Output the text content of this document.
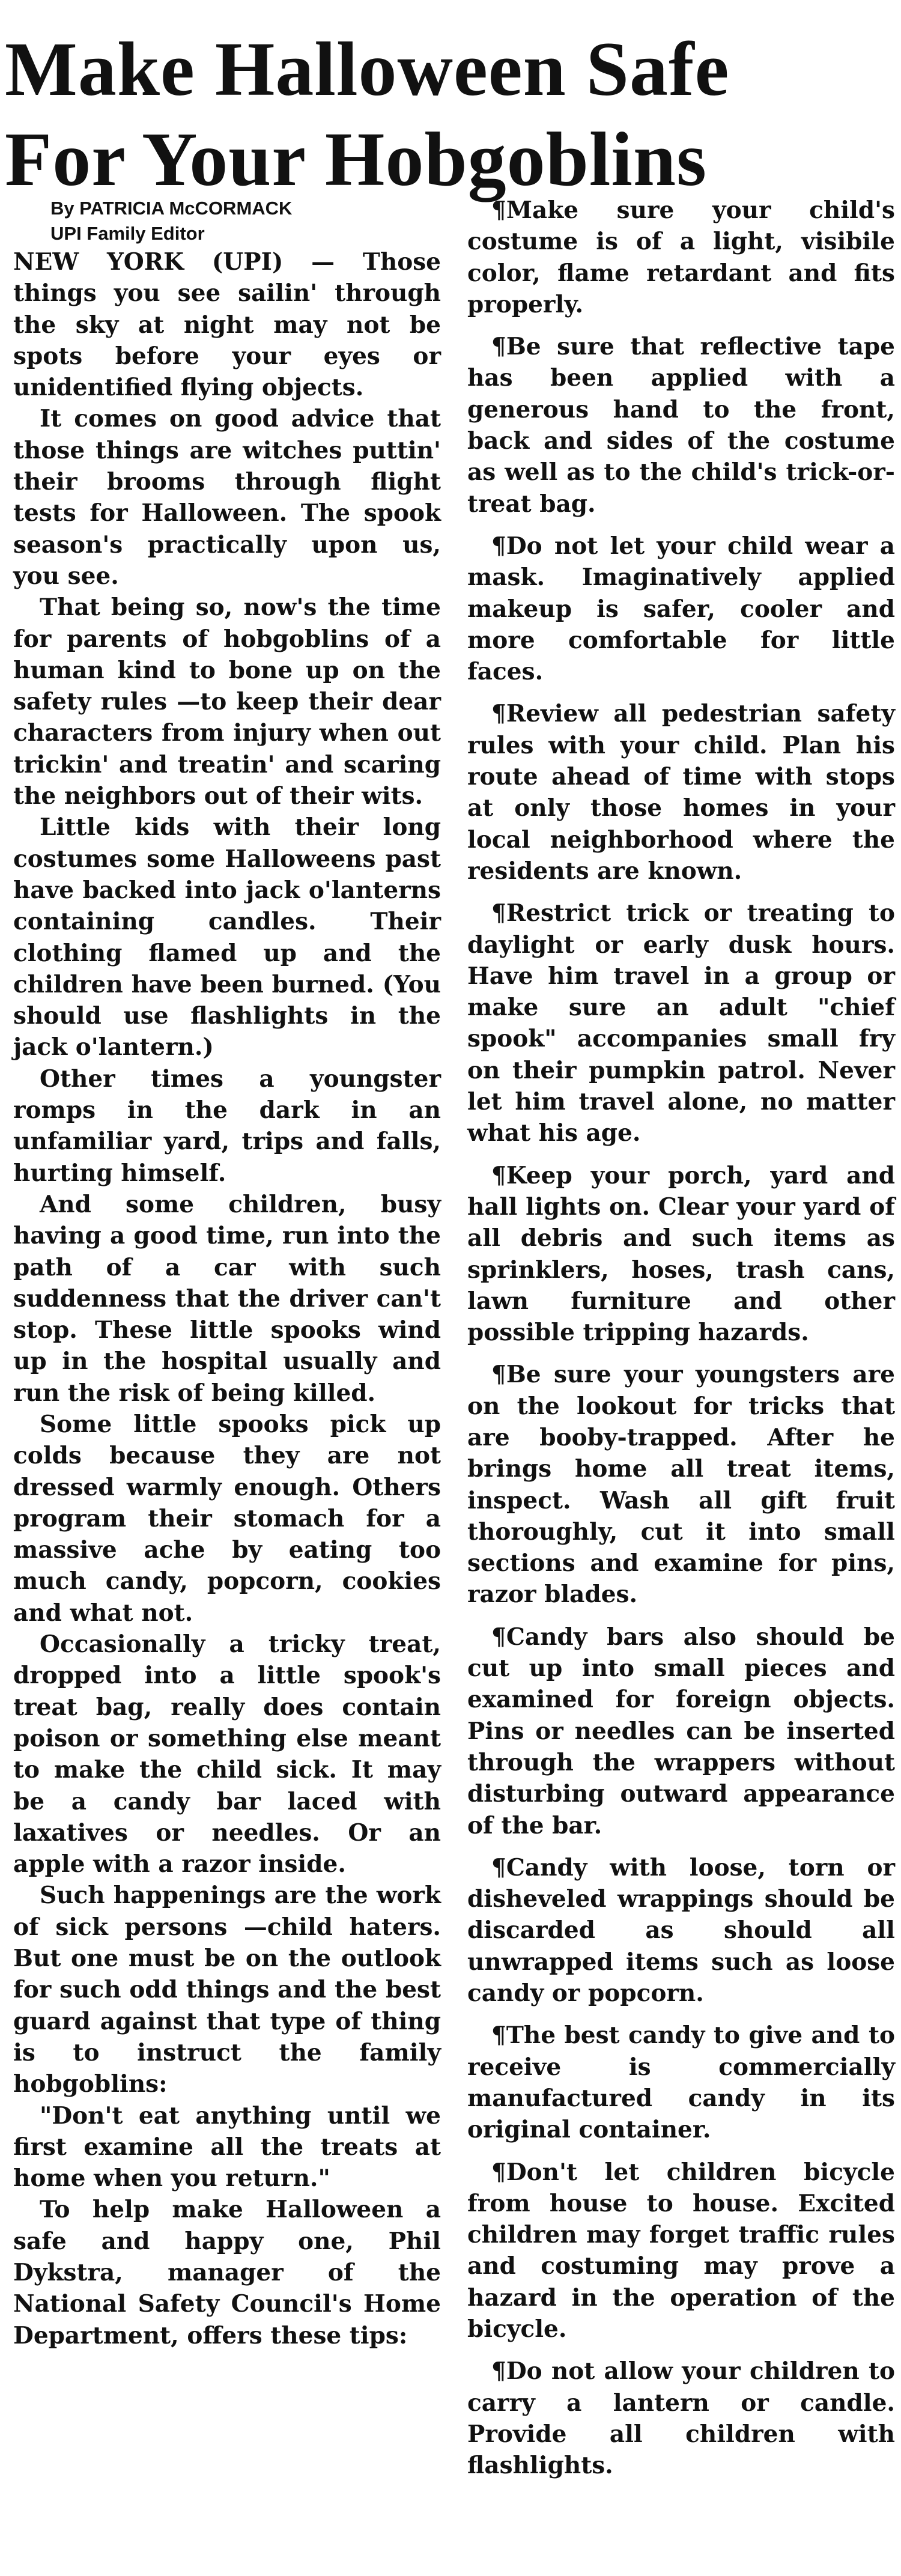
Make Halloween Safe
For Your Hobgoblins
By PATRICIA McCORMACK
UPI Family Editor

NEW YORK (UPI) — Those things you see sailin' through the sky at night may not be spots before your eyes or unidentified flying objects.

It comes on good advice that those things are witches puttin' their brooms through flight tests for Halloween. The spook season's practically upon us, you see.

That being so, now's the time for parents of hobgoblins of a human kind to bone up on the safety rules —to keep their dear characters from injury when out trickin' and treatin' and scaring the neighbors out of their wits.

Little kids with their long costumes some Halloweens past have backed into jack o'lanterns containing candles. Their clothing flamed up and the children have been burned. (You should use flashlights in the jack o'lantern.)

Other times a youngster romps in the dark in an unfamiliar yard, trips and falls, hurting himself.

And some children, busy having a good time, run into the path of a car with such suddenness that the driver can't stop. These little spooks wind up in the hospital usually and run the risk of being killed.

Some little spooks pick up colds because they are not dressed warmly enough. Others program their stomach for a massive ache by eating too much candy, popcorn, cookies and what not.

Occasionally a tricky treat, dropped into a little spook's treat bag, really does contain poison or something else meant to make the child sick. It may be a candy bar laced with laxatives or needles. Or an apple with a razor inside.

Such happenings are the work of sick persons —child haters. But one must be on the outlook for such odd things and the best guard against that type of thing is to instruct the family hobgoblins:

"Don't eat anything until we first examine all the treats at home when you return."

To help make Halloween a safe and happy one, Phil Dykstra, manager of the National Safety Council's Home Department, offers these tips:

¶Make sure your child's costume is of a light, visibile color, flame retardant and fits properly.

¶Be sure that reflective tape has been applied with a generous hand to the front, back and sides of the costume as well as to the child's trick-or-treat bag.

¶Do not let your child wear a mask. Imaginatively applied makeup is safer, cooler and more comfortable for little faces.

¶Review all pedestrian safety rules with your child. Plan his route ahead of time with stops at only those homes in your local neighborhood where the residents are known.

¶Restrict trick or treating to daylight or early dusk hours. Have him travel in a group or make sure an adult "chief spook" accompanies small fry on their pumpkin patrol. Never let him travel alone, no matter what his age.

¶Keep your porch, yard and hall lights on. Clear your yard of all debris and such items as sprinklers, hoses, trash cans, lawn furniture and other possible tripping hazards.

¶Be sure your youngsters are on the lookout for tricks that are booby-trapped. After he brings home all treat items, inspect. Wash all gift fruit thoroughly, cut it into small sections and examine for pins, razor blades.

¶Candy bars also should be cut up into small pieces and examined for foreign objects. Pins or needles can be inserted through the wrappers without disturbing outward appearance of the bar.

¶Candy with loose, torn or disheveled wrappings should be discarded as should all unwrapped items such as loose candy or popcorn.

¶The best candy to give and to receive is commercially manufactured candy in its original container.

¶Don't let children bicycle from house to house. Excited children may forget traffic rules and costuming may prove a hazard in the operation of the bicycle.

¶Do not allow your children to carry a lantern or candle. Provide all children with flashlights.
